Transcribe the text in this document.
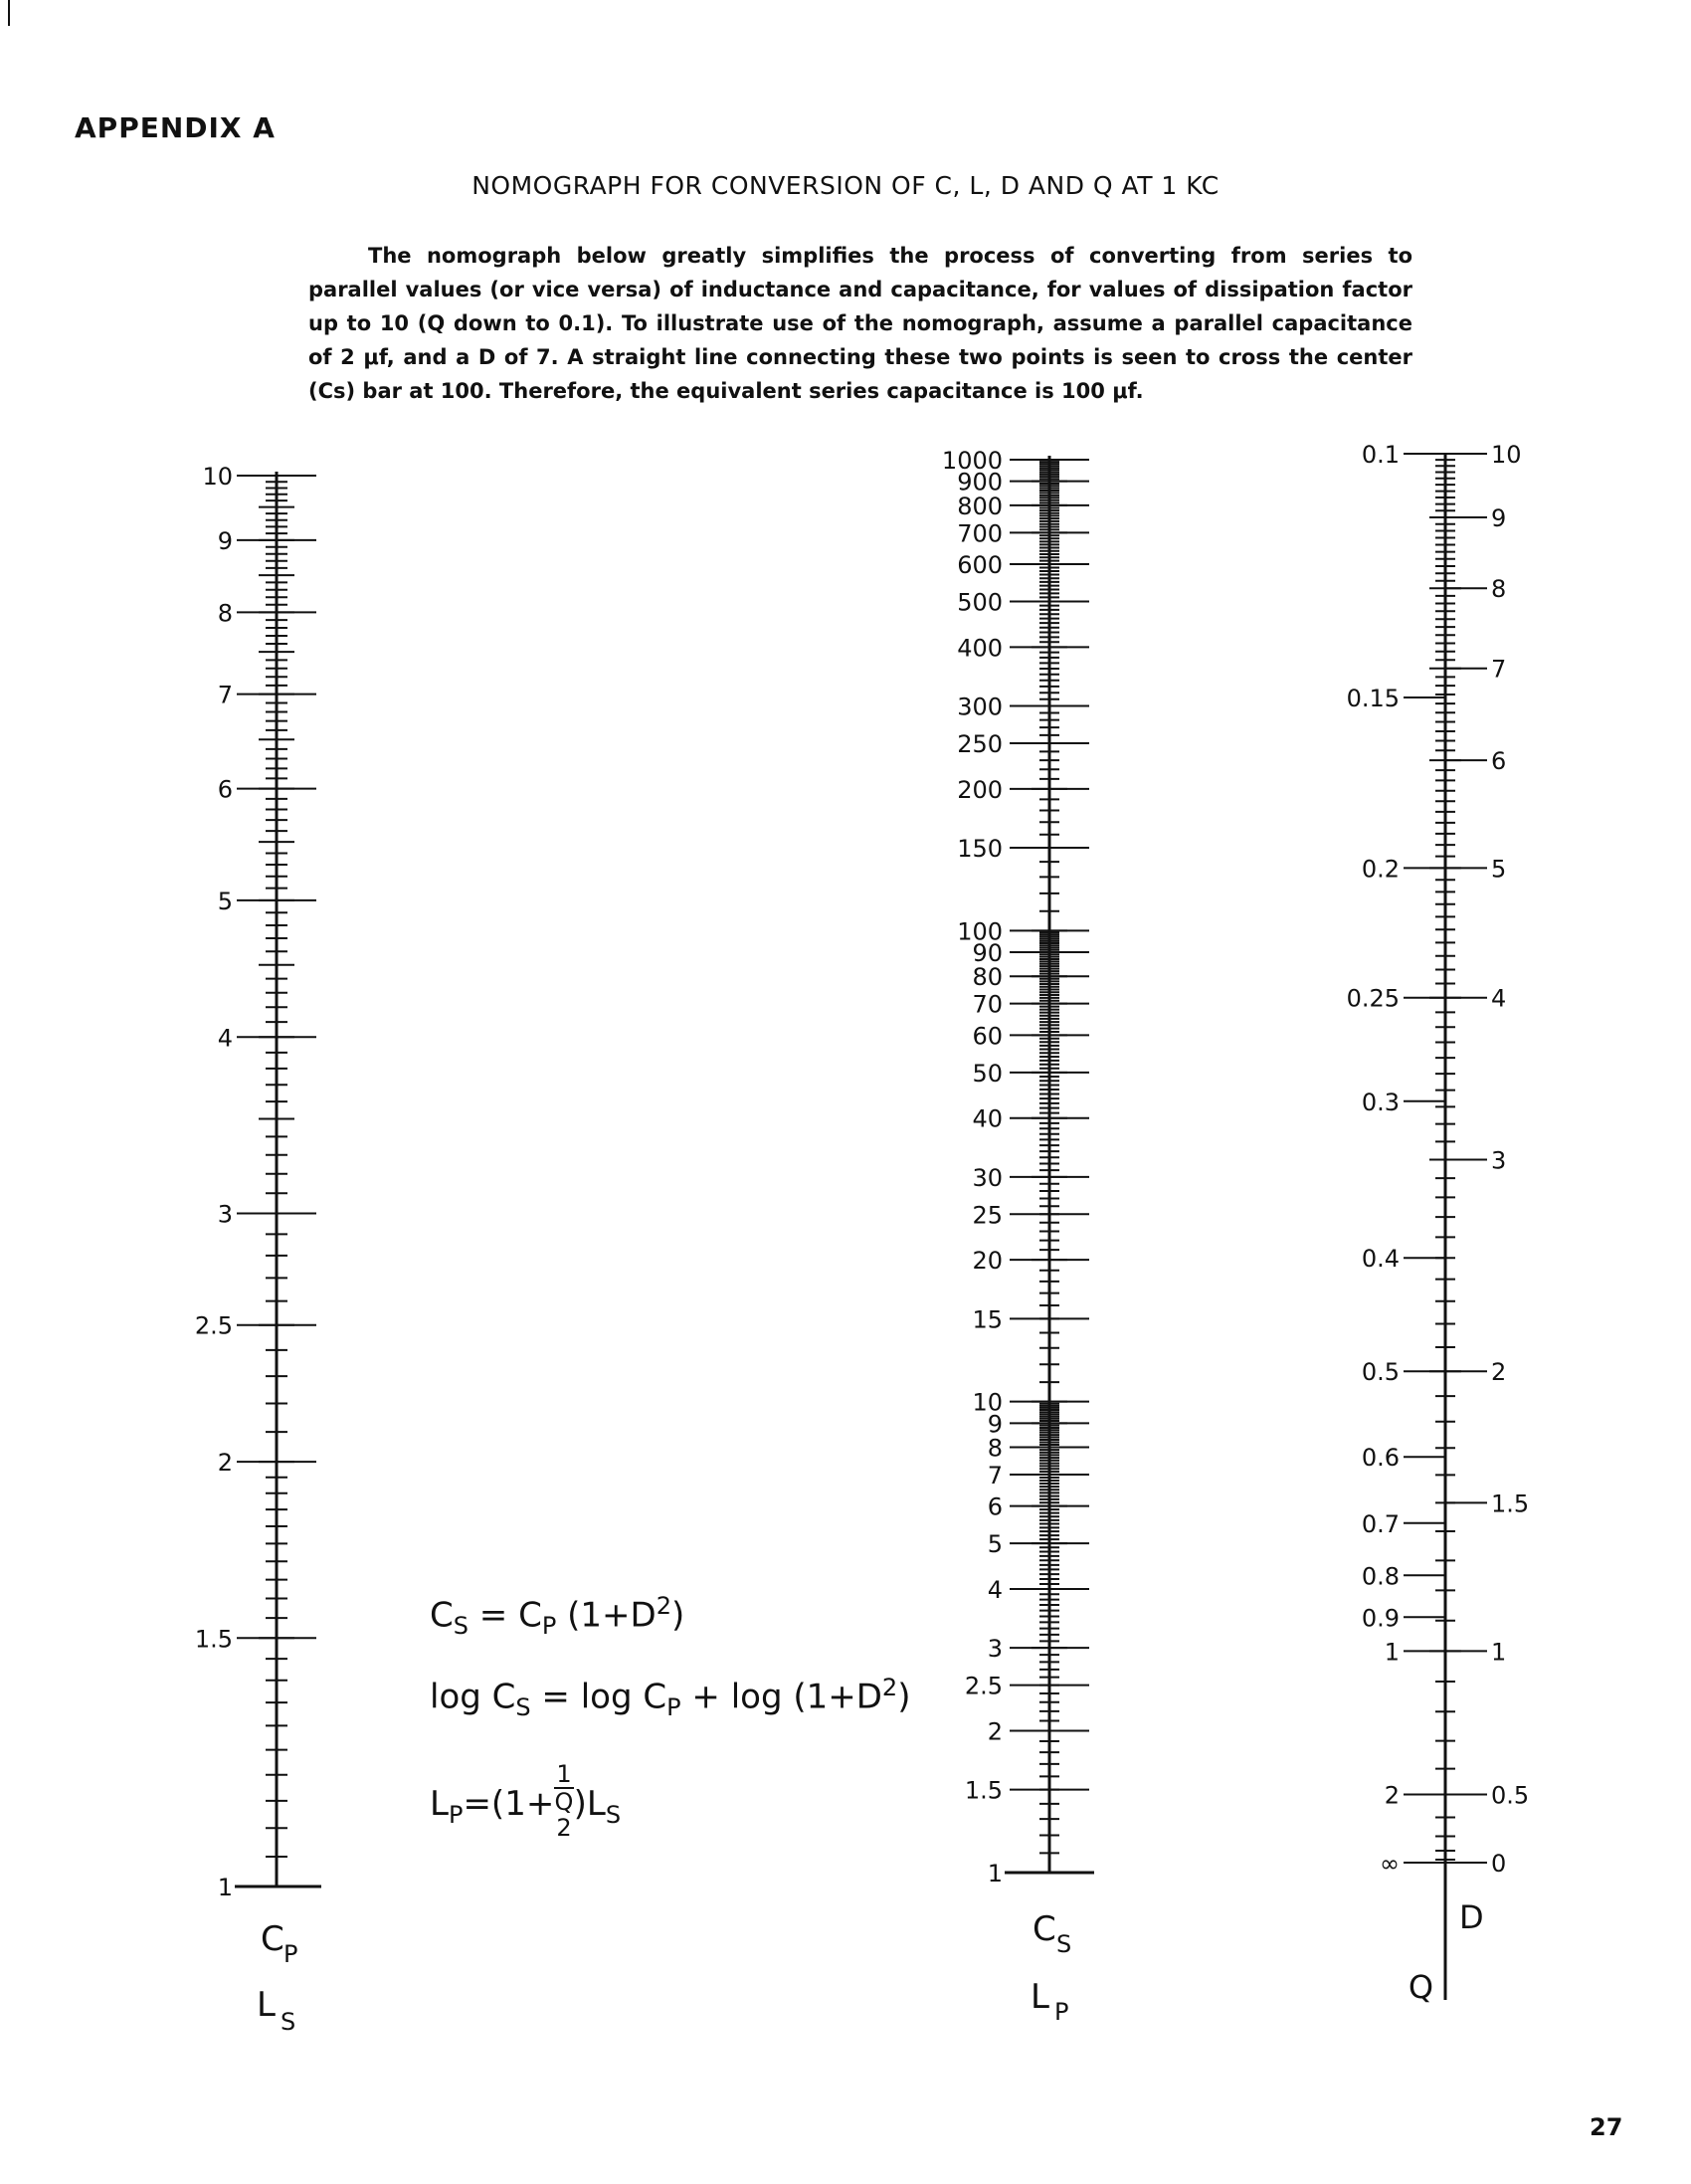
APPENDIX A
NOMOGRAPH FOR CONVERSION OF C, L, D AND Q AT 1 KC
The nomograph below greatly simplifies the process of converting from series to parallel values (or vice versa) of inductance and capacitance, for values of dissipation factor up to 10 (Q down to 0.1). To illustrate use of the nomograph, assume a parallel capacitance of 2 μf, and a D of 7. A straight line connecting these two points is seen to cross the center (Cs) bar at 100. Therefore, the equivalent series capacitance is 100 μf.
$C_S = C_P$ $(1+D^2)$
$\log C_S = \log C_P + \log (1+D^2)$
$L_P=(1+ 1$
Q
$^2$ )$L_S$
10
9
8
7
6
5
4
3
2.5
2
1.5
1
C P
L S
1000
900
800
700
600
500
400
300
250
200
150
100
90
80
70
60
50
40
30
25
20
15
10
9
8
7
6
5
4
3
2.5
2
1.5
1
C S
L P
10
9
8
7
6
5
4
3
2
1.5
1
0.5
0
0.1
0.15
0.2
0.25
0.3
0.4
0.5
0.6
0.7
0.8
0.9
1
2
∞
D
Q
27
